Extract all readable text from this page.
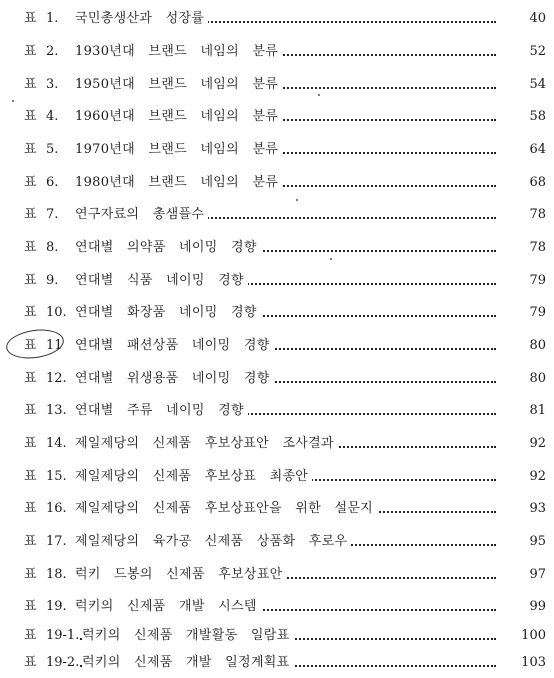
표 1. 국민총생산과 성장률	40
표 2. 1930년대 브랜드 네임의 분류	52
표 3. 1950년대 브랜드 네임의 분류	54
표 4. 1960년대 브랜드 네임의 분류	58
표 5. 1970년대 브랜드 네임의 분류	64
표 6. 1980년대 브랜드 네임의 분류	68
표 7. 연구자료의 총샘플수	78
표 8. 연대별 의약품 네이밍 경향	78
표 9. 연대별 식품 네이밍 경향	79
표 10. 연대별 화장품 네이밍 경향	79
표 11 연대별 패션상품 네이밍 경향	80
표 12. 연대별 위생용품 네이밍 경향	80
표 13. 연대별 주류 네이밍 경향	81
표 14. 제일제당의 신제품 후보상표안 조사결과	92
표 15. 제일제당의 신제품 후보상표 최종안	92
표 16. 제일제당의 신제품 후보상표안을 위한 설문지	93
표 17. 제일제당의 육가공 신제품 상품화 후로우	95
표 18. 럭키 드봉의 신제품 후보상표안	97
표 19. 럭키의 신제품 개발 시스템	99
표 19-1. 럭키의 신제품 개발활동 일람표	100
표 19-2. 럭키의 신제품 개발 일정계획표	103
